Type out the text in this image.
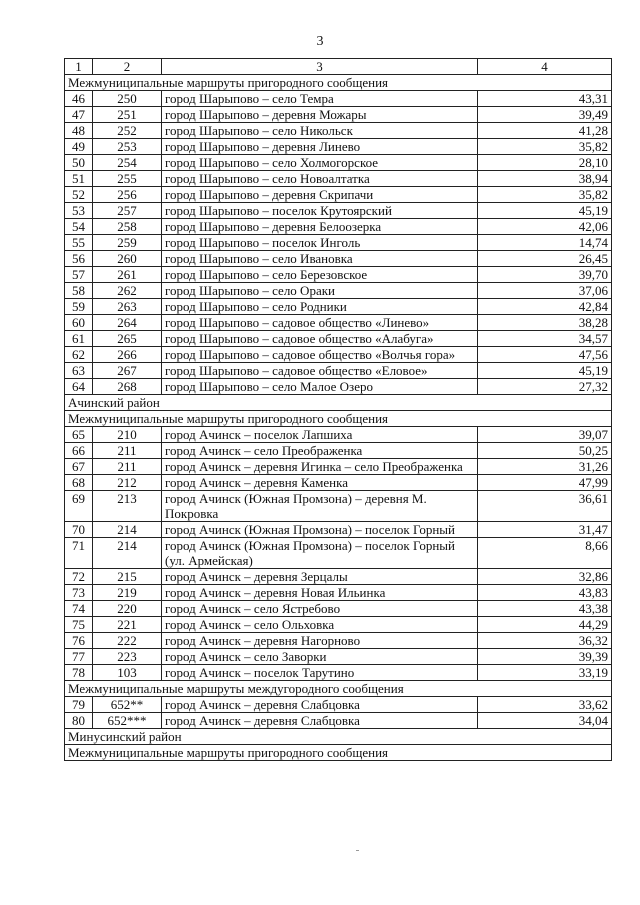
3
1	2	3	4
Межмуниципальные маршруты пригородного сообщения			
46	250	город Шарыпово – село Темра	43,31
47	251	город Шарыпово – деревня Можары	39,49
48	252	город Шарыпово – село Никольск	41,28
49	253	город Шарыпово – деревня Линево	35,82
50	254	город Шарыпово – село Холмогорское	28,10
51	255	город Шарыпово – село Новоалтатка	38,94
52	256	город Шарыпово – деревня Скрипачи	35,82
53	257	город Шарыпово – поселок Крутоярский	45,19
54	258	город Шарыпово – деревня Белоозерка	42,06
55	259	город Шарыпово – поселок Инголь	14,74
56	260	город Шарыпово – село Ивановка	26,45
57	261	город Шарыпово – село Березовское	39,70
58	262	город Шарыпово – село Ораки	37,06
59	263	город Шарыпово – село Родники	42,84
60	264	город Шарыпово – садовое общество «Линево»	38,28
61	265	город Шарыпово – садовое общество «Алабуга»	34,57
62	266	город Шарыпово – садовое общество «Волчья гора»	47,56
63	267	город Шарыпово – садовое общество «Еловое»	45,19
64	268	город Шарыпово – село Малое Озеро	27,32
Ачинский район			
Межмуниципальные маршруты пригородного сообщения			
65	210	город Ачинск – поселок Лапшиха	39,07
66	211	город Ачинск – село Преображенка	50,25
67	211	город Ачинск – деревня Игинка – село Преображенка	31,26
68	212	город Ачинск – деревня Каменка	47,99
69	213	город Ачинск (Южная Промзона) – деревня М. Покровка	36,61
70	214	город Ачинск (Южная Промзона) – поселок Горный	31,47
71	214	город Ачинск (Южная Промзона) – поселок Горный (ул. Армейская)	8,66
72	215	город Ачинск – деревня Зерцалы	32,86
73	219	город Ачинск – деревня Новая Ильинка	43,83
74	220	город Ачинск – село Ястребово	43,38
75	221	город Ачинск – село Ольховка	44,29
76	222	город Ачинск – деревня Нагорново	36,32
77	223	город Ачинск – село Заворки	39,39
78	103	город Ачинск – поселок Тарутино	33,19
Межмуниципальные маршруты междугородного сообщения			
79	652**	город Ачинск – деревня Слабцовка	33,62
80	652***	город Ачинск – деревня Слабцовка	34,04
Минусинский район			
Межмуниципальные маршруты пригородного сообщения			
